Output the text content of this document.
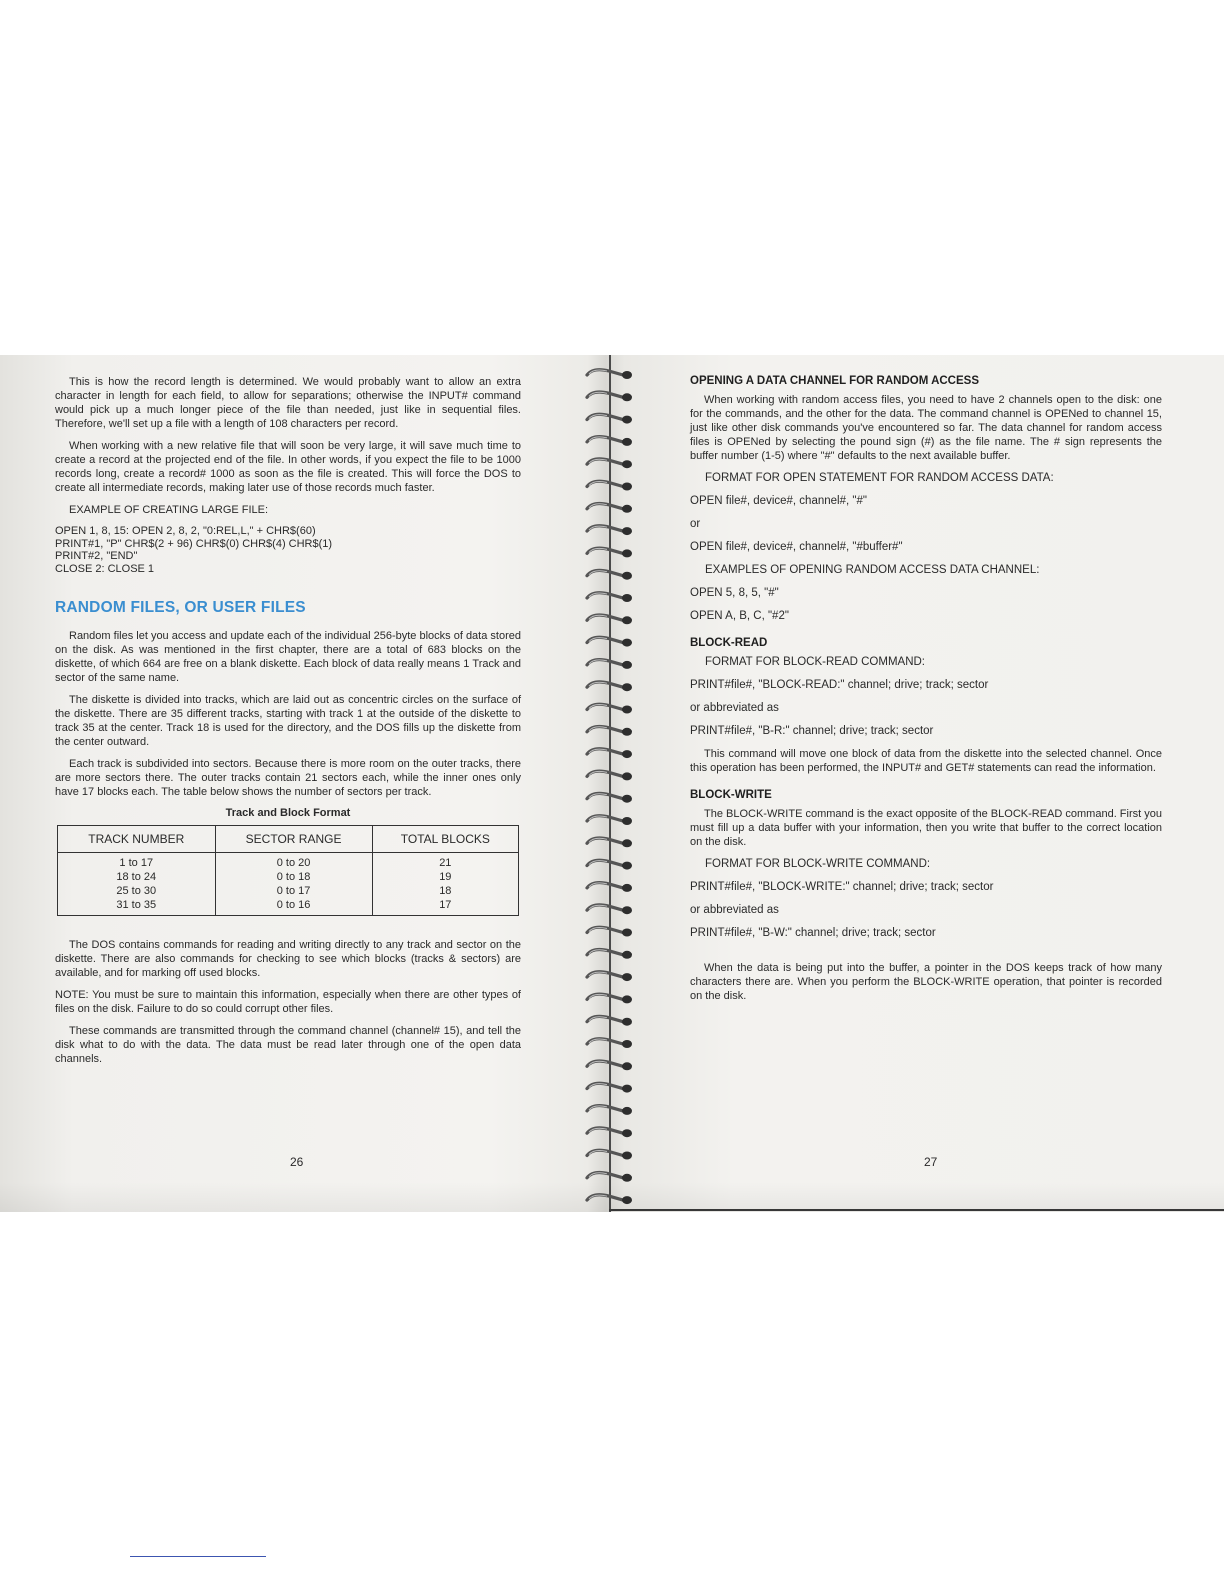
This is how the record length is determined. We would probably want to allow an extra character in length for each field, to allow for separations; otherwise the INPUT# command would pick up a much longer piece of the file than needed, just like in sequential files. Therefore, we'll set up a file with a length of 108 characters per record.

When working with a new relative file that will soon be very large, it will save much time to create a record at the projected end of the file. In other words, if you expect the file to be 1000 records long, create a record# 1000 as soon as the file is created. This will force the DOS to create all intermediate records, making later use of those records much faster.

EXAMPLE OF CREATING LARGE FILE:

OPEN 1, 8, 15: OPEN 2, 8, 2, "0:REL,L," + CHR$(60)
PRINT#1, "P" CHR$(2 + 96) CHR$(0) CHR$(4) CHR$(1)
PRINT#2, "END"
CLOSE 2: CLOSE 1
RANDOM FILES, OR USER FILES

Random files let you access and update each of the individual 256-byte blocks of data stored on the disk. As was mentioned in the first chapter, there are a total of 683 blocks on the diskette, of which 664 are free on a blank diskette. Each block of data really means 1 Track and sector of the same name.

The diskette is divided into tracks, which are laid out as concentric circles on the surface of the diskette. There are 35 different tracks, starting with track 1 at the outside of the diskette to track 35 at the center. Track 18 is used for the directory, and the DOS fills up the diskette from the center outward.

Each track is subdivided into sectors. Because there is more room on the outer tracks, there are more sectors there. The outer tracks contain 21 sectors each, while the inner ones only have 17 blocks each. The table below shows the number of sectors per track.

Track and Block Format
TRACK NUMBER	SECTOR RANGE	TOTAL BLOCKS
1 to 17	0 to 20	21
18 to 24	0 to 18	19
25 to 30	0 to 17	18
31 to 35	0 to 16	17

The DOS contains commands for reading and writing directly to any track and sector on the diskette. There are also commands for checking to see which blocks (tracks & sectors) are available, and for marking off used blocks.

NOTE: You must be sure to maintain this information, especially when there are other types of files on the disk. Failure to do so could corrupt other files.

These commands are transmitted through the command channel (channel# 15), and tell the disk what to do with the data. The data must be read later through one of the open data channels.

26
OPENING A DATA CHANNEL FOR RANDOM ACCESS

When working with random access files, you need to have 2 channels open to the disk: one for the commands, and the other for the data. The command channel is OPENed to channel 15, just like other disk commands you've encountered so far. The data channel for random access files is OPENed by selecting the pound sign (#) as the file name. The # sign represents the buffer number (1-5) where "#" defaults to the next available buffer.

FORMAT FOR OPEN STATEMENT FOR RANDOM ACCESS DATA:
OPEN file#, device#, channel#, "#"
or
OPEN file#, device#, channel#, "#buffer#"
EXAMPLES OF OPENING RANDOM ACCESS DATA CHANNEL:
OPEN 5, 8, 5, "#"
OPEN A, B, C, "#2"
BLOCK-READ
FORMAT FOR BLOCK-READ COMMAND:
PRINT#file#, "BLOCK-READ:" channel; drive; track; sector
or abbreviated as
PRINT#file#, "B-R:" channel; drive; track; sector

This command will move one block of data from the diskette into the selected channel. Once this operation has been performed, the INPUT# and GET# statements can read the information.

BLOCK-WRITE

The BLOCK-WRITE command is the exact opposite of the BLOCK-READ command. First you must fill up a data buffer with your information, then you write that buffer to the correct location on the disk.

FORMAT FOR BLOCK-WRITE COMMAND:
PRINT#file#, "BLOCK-WRITE:" channel; drive; track; sector
or abbreviated as
PRINT#file#, "B-W:" channel; drive; track; sector

When the data is being put into the buffer, a pointer in the DOS keeps track of how many characters there are. When you perform the BLOCK-WRITE operation, that pointer is recorded on the disk.

27
